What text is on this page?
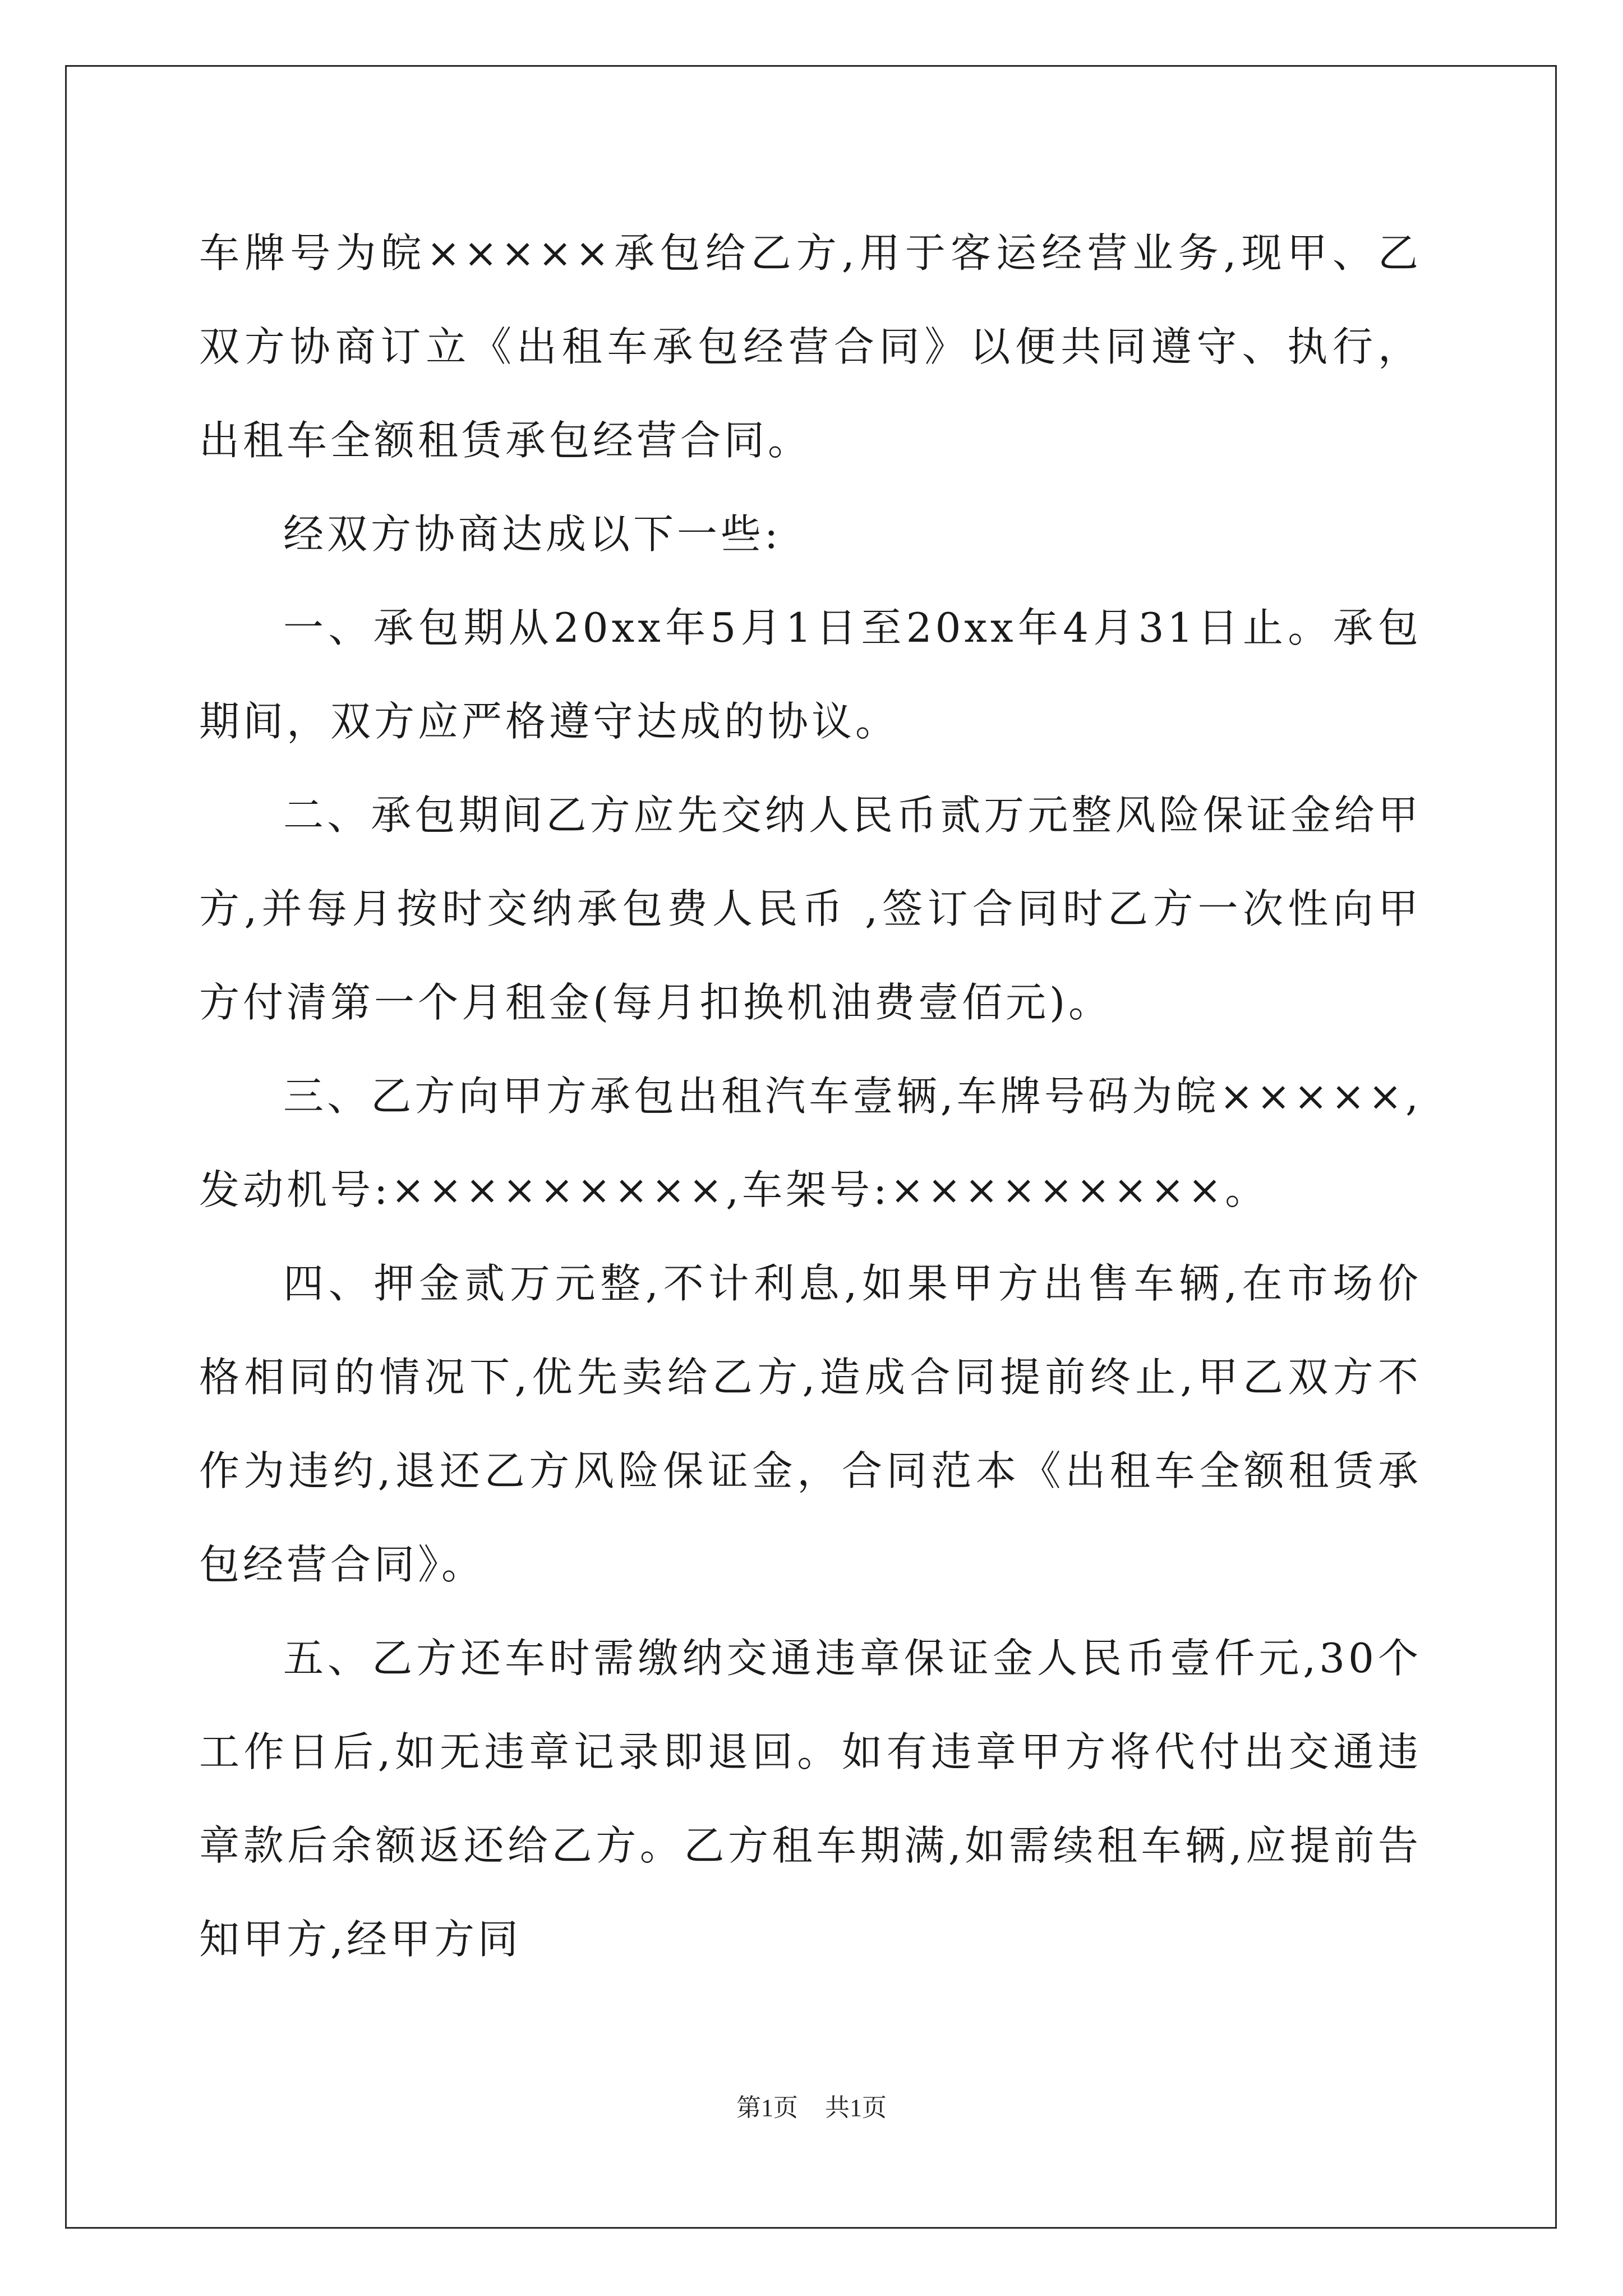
车牌号为皖×××××承包给乙方,用于客运经营业务,现甲、乙双方协商订立《出租车承包经营合同》以便共同遵守、执行，出租车全额租赁承包经营合同。

经双方协商达成以下一些:

一、承包期从20xx年5月1日至20xx年4月31日止。承包期间，双方应严格遵守达成的协议。

二、承包期间乙方应先交纳人民币贰万元整风险保证金给甲方,并每月按时交纳承包费人民币 ,签订合同时乙方一次性向甲方付清第一个月租金(每月扣换机油费壹佰元)。

三、乙方向甲方承包出租汽车壹辆,车牌号码为皖×××××,发动机号:×××××××××,车架号:×××××××××。

四、押金贰万元整,不计利息,如果甲方出售车辆,在市场价格相同的情况下,优先卖给乙方,造成合同提前终止,甲乙双方不作为违约,退还乙方风险保证金，合同范本《出租车全额租赁承包经营合同》。

五、乙方还车时需缴纳交通违章保证金人民币壹仟元,30个工作日后,如无违章记录即退回。如有违章甲方将代付出交通违章款后余额返还给乙方。乙方租车期满,如需续租车辆,应提前告知甲方,经甲方同

第1页 共1页
